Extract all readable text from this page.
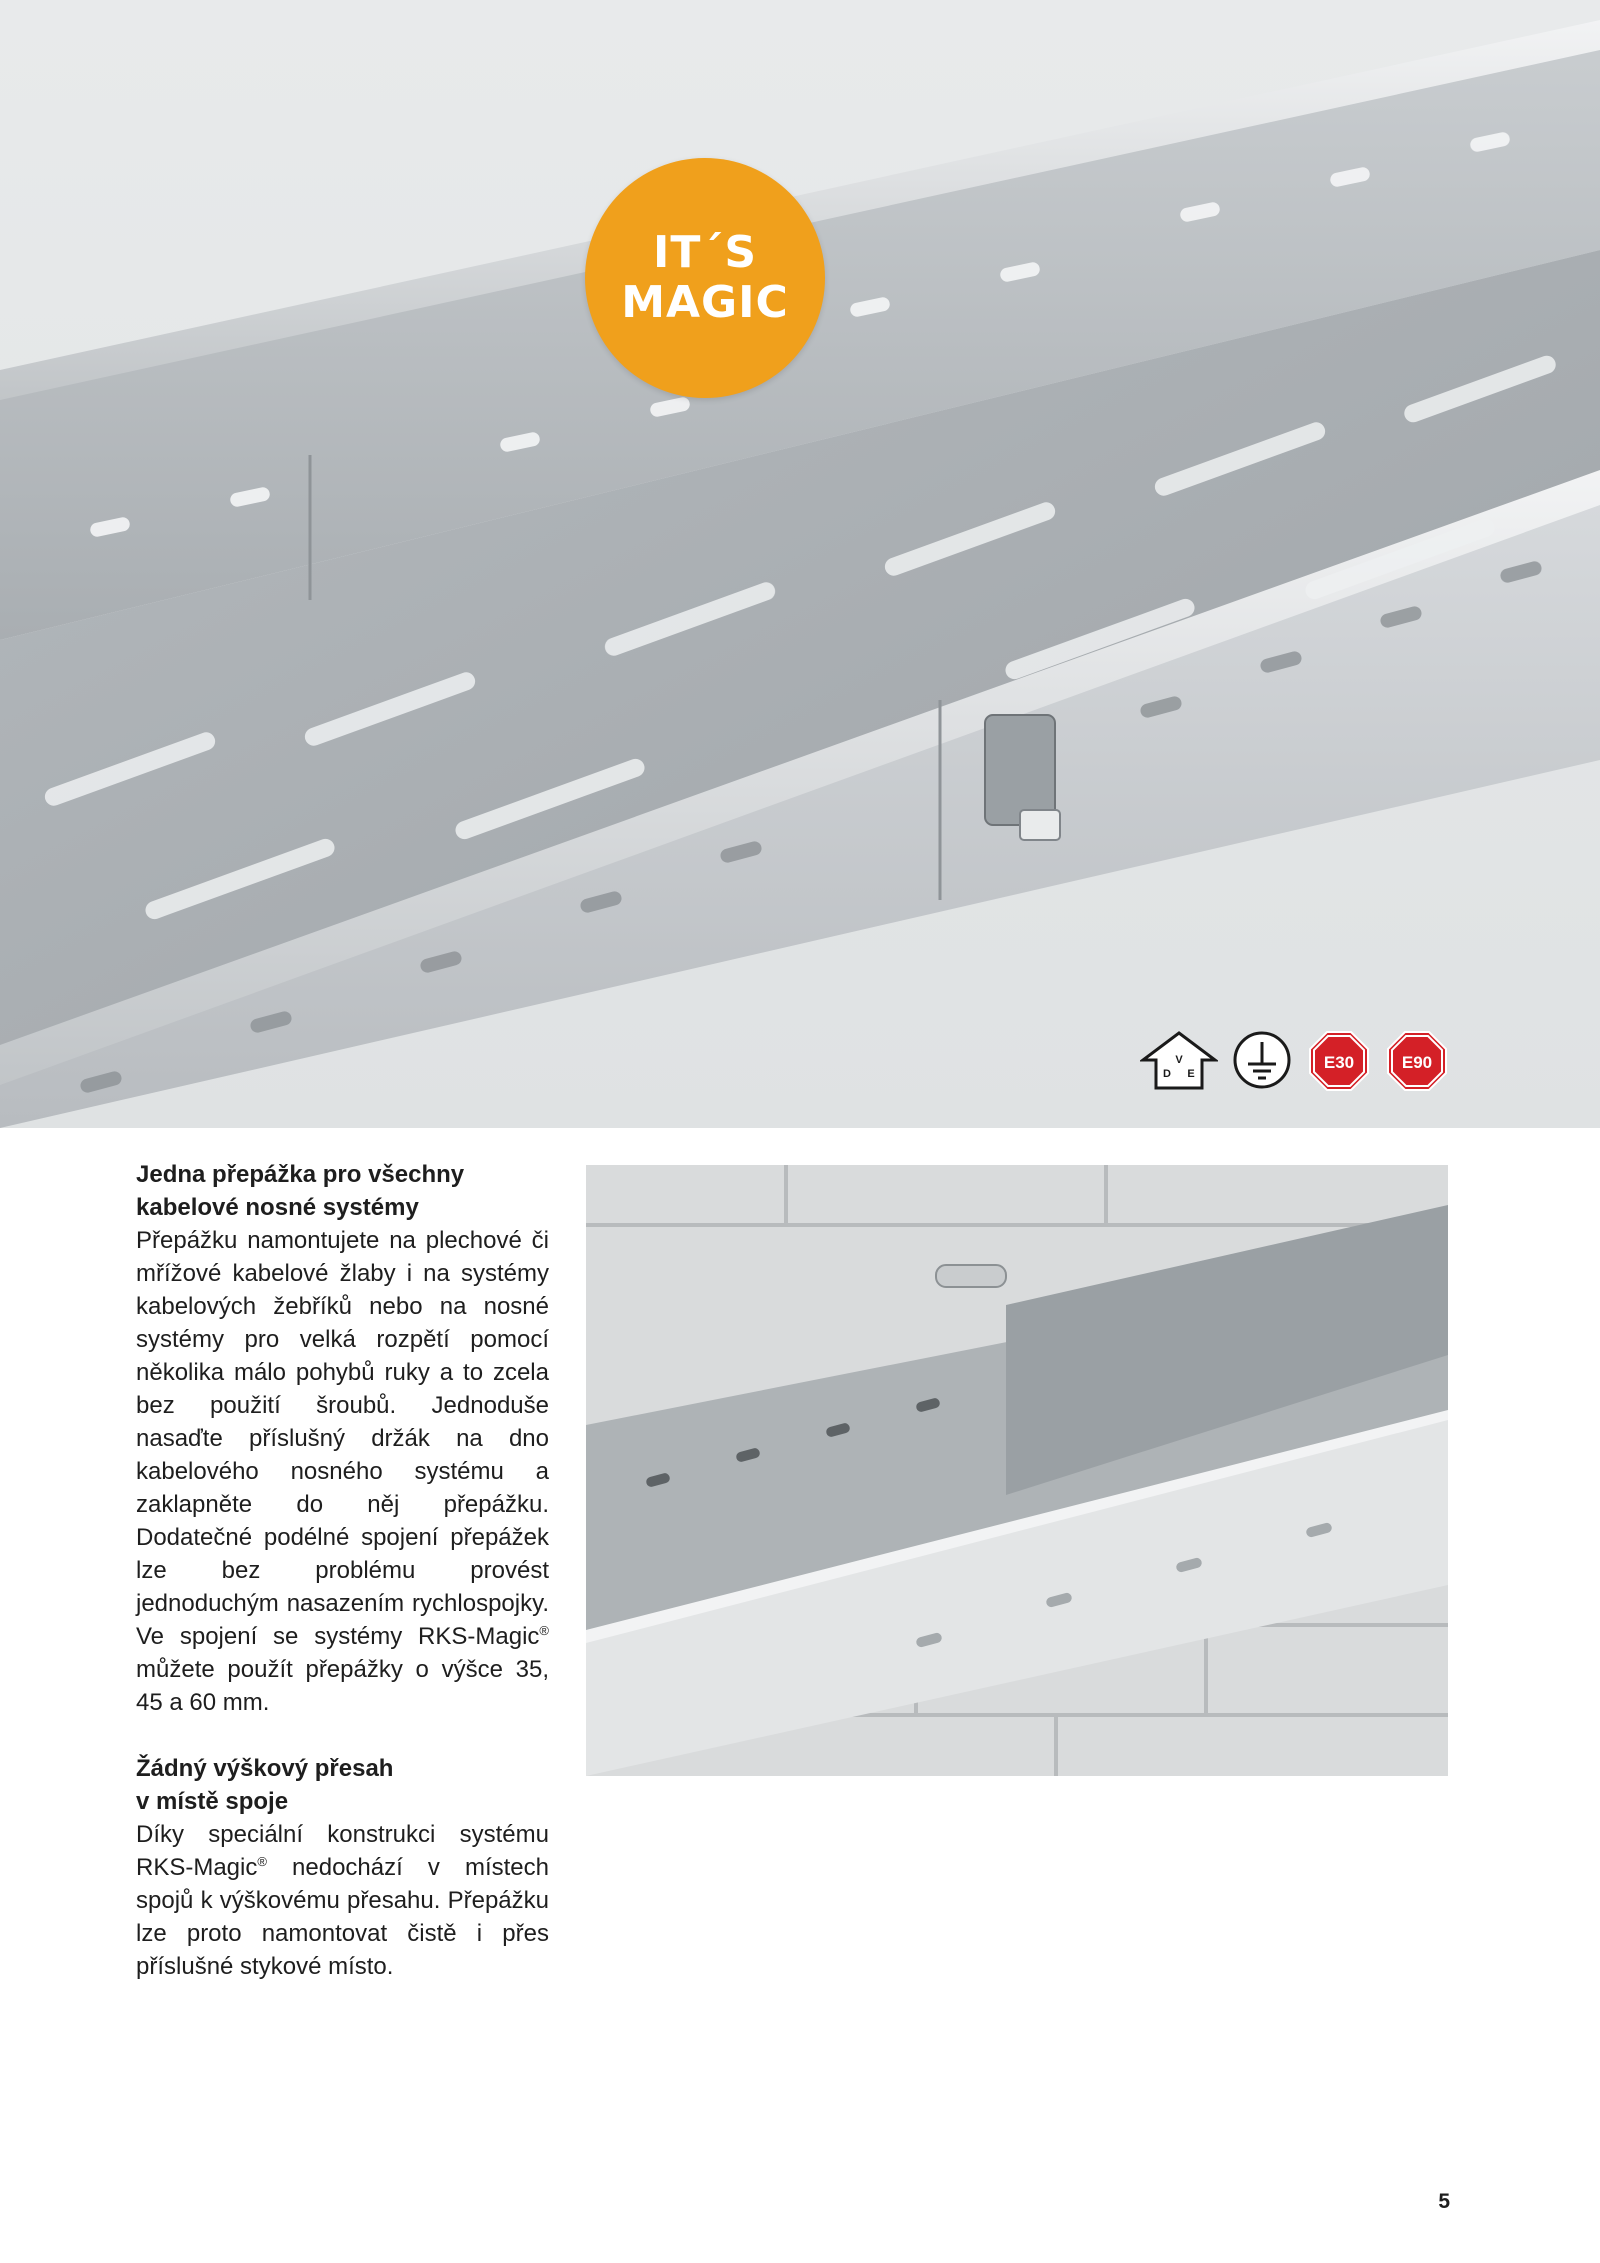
IT´S
MAGIC
V
D E
E30	E90

Jedna přepážka pro všechny
kabelové nosné systémy

Přepážku namontujete na plechové či mřížové kabelové žlaby i na systémy kabelových žebříků nebo na nosné systémy pro velká rozpětí pomocí několika málo pohybů ruky a to zcela bez použití šroubů. Jednoduše nasaďte příslušný držák na dno kabelového nosného systému a zaklapněte do něj přepážku. Dodatečné podélné spojení přepážek lze bez problému provést jednoduchým nasazením rychlospojky. Ve spojení se systémy RKS-Magic® můžete použít přepážky o výšce 35, 45 a 60 mm.

Žádný výškový přesah
v místě spoje

Díky speciální konstrukci systému RKS-Magic® nedochází v místech spojů k výškovému přesahu. Přepážku lze proto namontovat čistě i přes příslušné stykové místo.

5
